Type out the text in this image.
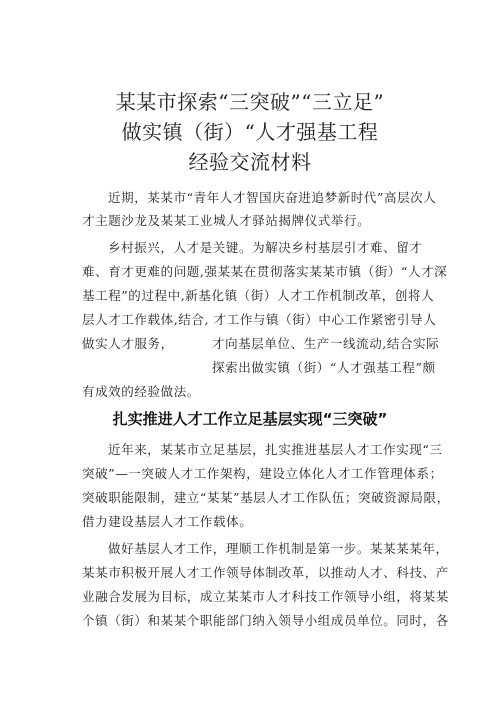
某某市探索“三突破”“三立足”
做实镇（街）“人才强基工程
经验交流材料
近期，某某市“青年人才智国庆奋进追梦新时代”高层次人
才主题沙龙及某某工业城人才驿站揭牌仪式举行。
乡村振兴，人才是关键。为解决乡村基层引才难、留才
难、育才更难的问题,强某某在贯彻落实某某市镇（街）“人才深
基工程”的过程中,新基化镇（街）人才工作机制改革，创将人
层人才工作载体,结合, 才工作与镇（街）中心工作紧密引导人
做实人才服务，	才向基层单位、生产一线流动,结合实际
探索出做实镇（街）“人才强基工程”颇
有成效的经验做法。
扎实推进人才工作立足基层实现“三突破”
近年来，某某市立足基层，扎实推进基层人才工作实现“三
突破”—一突破人才工作架构，建设立体化人才工作管理体系；
突破职能限制，建立“某某”基层人才工作队伍；突破资源局限，
借力建设基层人才工作载体。
做好基层人才工作，理顺工作机制是第一步。某某某某年，
某某市积极开展人才工作领导体制改革，以推动人才、科技、产
业融合发展为目标，成立某某市人才科技工作领导小组，将某某
个镇（街）和某某个职能部门纳入领导小组成员单位。同时，各
